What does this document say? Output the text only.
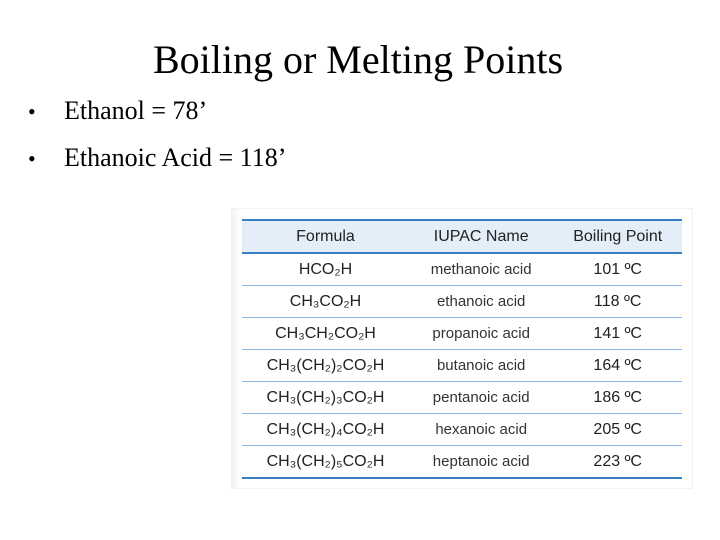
Boiling or Melting Points
•	Ethanol = 78’
•	Ethanoic Acid = 118’
Formula	IUPAC Name	Boiling Point
HCO₂H	methanoic acid	101 ºC
CH₃CO₂H	ethanoic acid	118 ºC
CH₃CH₂CO₂H	propanoic acid	141 ºC
CH₃(CH₂)₂CO₂H	butanoic acid	164 ºC
CH₃(CH₂)₃CO₂H	pentanoic acid	186 ºC
CH₃(CH₂)₄CO₂H	hexanoic acid	205 ºC
CH₃(CH₂)₅CO₂H	heptanoic acid	223 ºC
